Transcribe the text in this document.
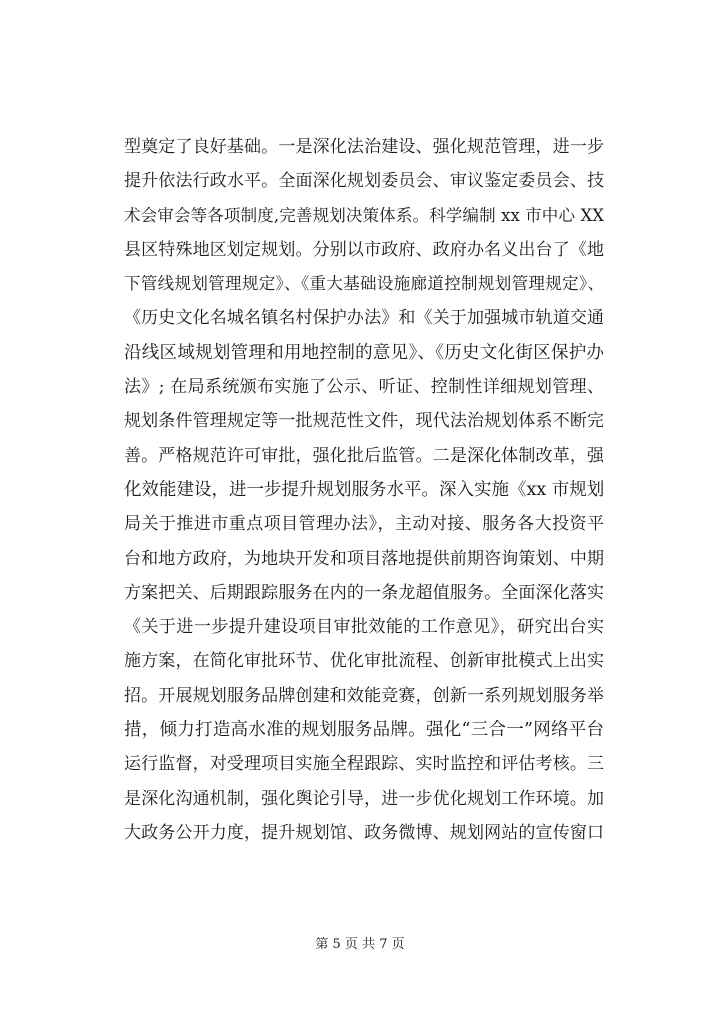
型奠定了良好基础。一是深化法治建设、强化规范管理，进一步
提升依法行政水平。全面深化规划委员会、审议鉴定委员会、技
术会审会等各项制度,完善规划决策体系。科学编制 xx 市中心 XX
县区特殊地区划定规划。分别以市政府、政府办名义出台了《地
下管线规划管理规定》、《重大基础设施廊道控制规划管理规定》、
《历史文化名城名镇名村保护办法》和《关于加强城市轨道交通
沿线区域规划管理和用地控制的意见》、《历史文化街区保护办
法》; 在局系统颁布实施了公示、听证、控制性详细规划管理、
规划条件管理规定等一批规范性文件，现代法治规划体系不断完
善。严格规范许可审批，强化批后监管。二是深化体制改革，强
化效能建设，进一步提升规划服务水平。深入实施《xx 市规划
局关于推进市重点项目管理办法》，主动对接、服务各大投资平
台和地方政府，为地块开发和项目落地提供前期咨询策划、中期
方案把关、后期跟踪服务在内的一条龙超值服务。全面深化落实
《关于进一步提升建设项目审批效能的工作意见》，研究出台实
施方案，在简化审批环节、优化审批流程、创新审批模式上出实
招。开展规划服务品牌创建和效能竞赛，创新一系列规划服务举
措，倾力打造高水准的规划服务品牌。强化“三合一”网络平台
运行监督，对受理项目实施全程跟踪、实时监控和评估考核。三
是深化沟通机制，强化舆论引导，进一步优化规划工作环境。加
大政务公开力度，提升规划馆、政务微博、规划网站的宣传窗口
第 5 页 共 7 页
